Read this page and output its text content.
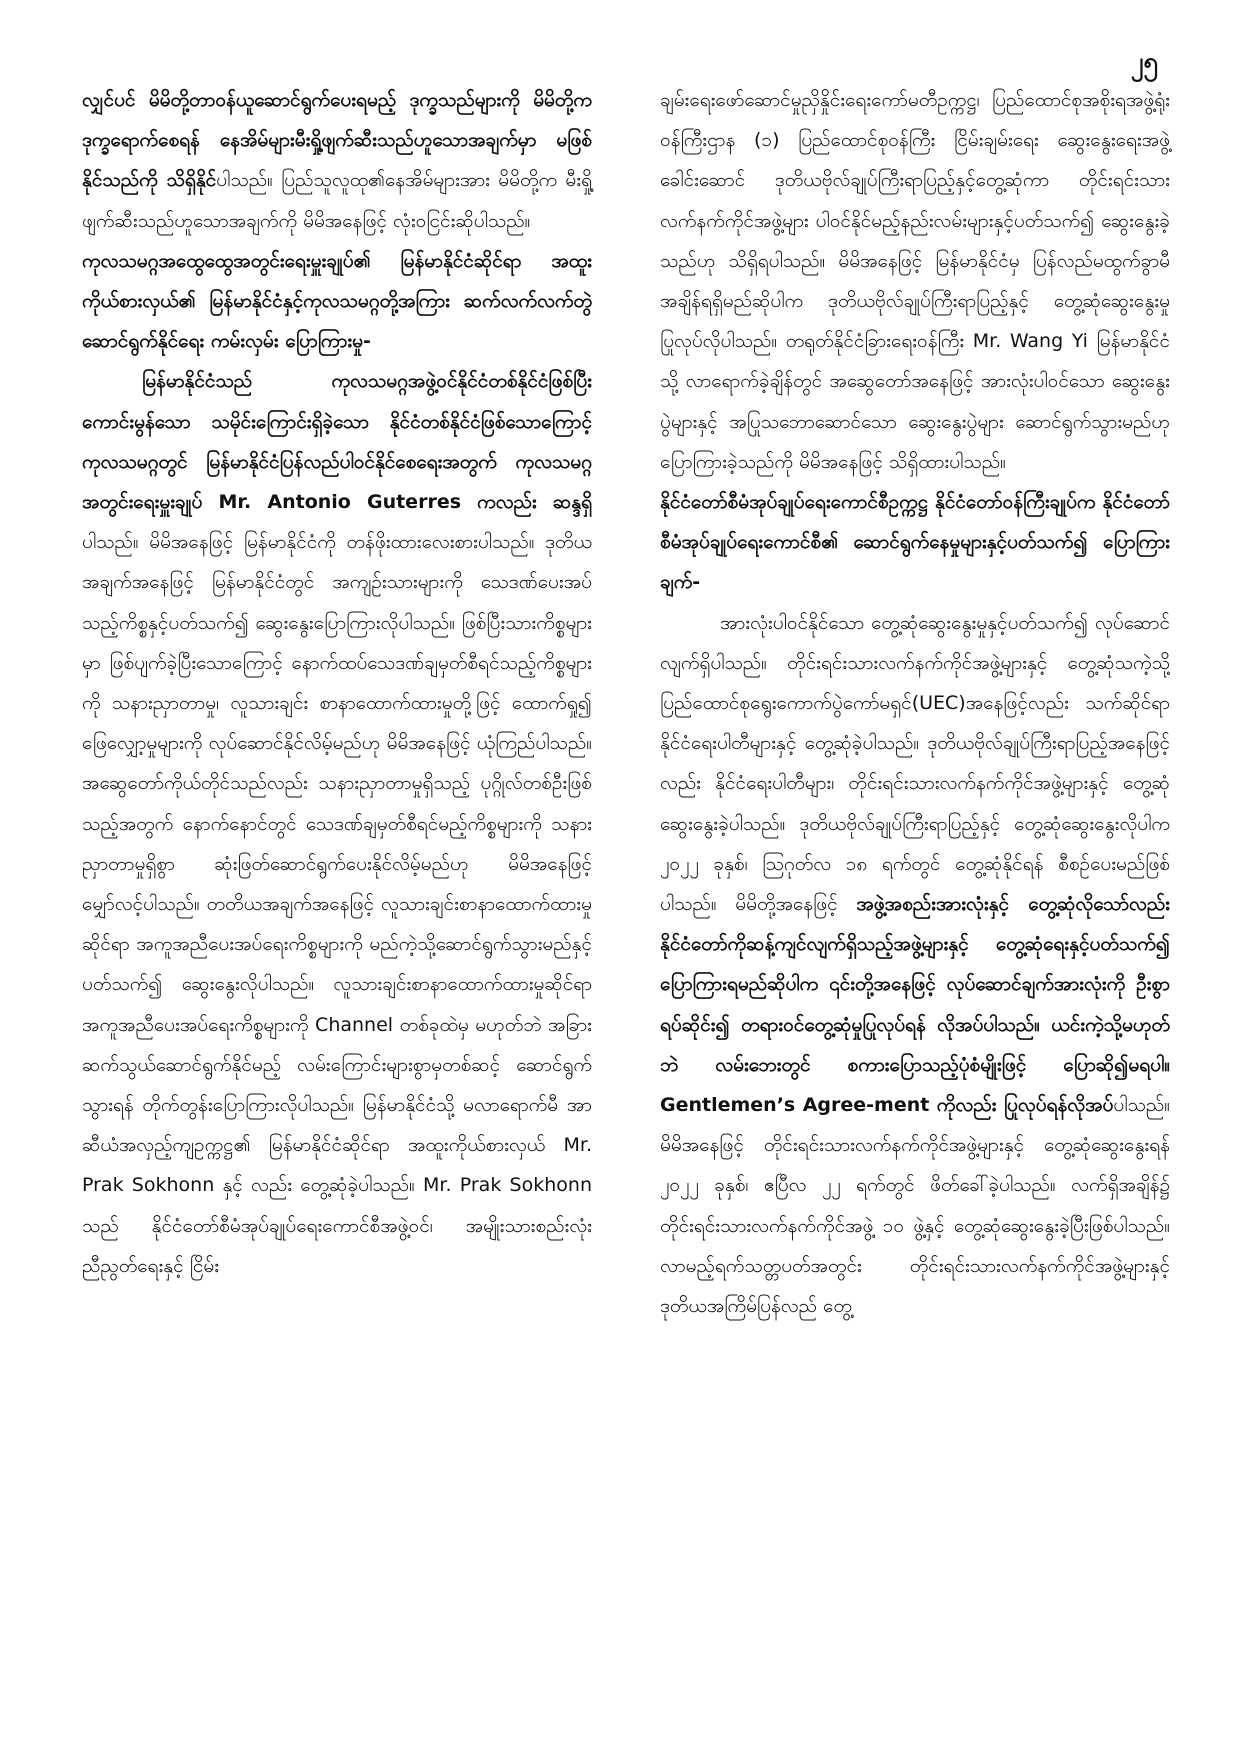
၂၅

လျှင်ပင် မိမိတို့တာဝန်ယူဆောင်ရွက်ပေးရမည့် ဒုက္ခသည်များကို မိမိတို့က ဒုက္ခရောက်စေရန် နေအိမ်များမီးရှို့ဖျက်ဆီးသည်ဟူသောအချက်မှာ မဖြစ်နိုင်သည်ကို သိရှိနိုင်ပါသည်။ ပြည်သူလူထု၏နေအိမ်များအား မိမိတို့က မီးရှို့ဖျက်ဆီးသည်ဟူသောအချက်ကို မိမိအနေဖြင့် လုံးဝငြင်းဆိုပါသည်။

ကုလသမဂ္ဂအထွေထွေအတွင်းရေးမှူးချုပ်၏ မြန်မာနိုင်ငံဆိုင်ရာ အထူးကိုယ်စားလှယ်၏ မြန်မာနိုင်ငံနှင့်ကုလသမဂ္ဂတို့အကြား ဆက်လက်လက်တွဲဆောင်ရွက်နိုင်ရေး ကမ်းလှမ်း ပြောကြားမှု-

မြန်မာနိုင်ငံသည် ကုလသမဂ္ဂအဖွဲ့ဝင်နိုင်ငံတစ်နိုင်ငံဖြစ်ပြီး ကောင်းမွန်သော သမိုင်းကြောင်းရှိခဲ့သော နိုင်ငံတစ်နိုင်ငံဖြစ်သောကြောင့် ကုလသမဂ္ဂတွင် မြန်မာနိုင်ငံပြန်လည်ပါဝင်နိုင်စေရေးအတွက် ကုလသမဂ္ဂအတွင်းရေးမှူးချုပ် Mr. Antonio Guterres ကလည်း ဆန္ဒရှိပါသည်။ မိမိအနေဖြင့် မြန်မာနိုင်ငံကို တန်ဖိုးထားလေးစားပါသည်။ ဒုတိယအချက်အနေဖြင့် မြန်မာနိုင်ငံတွင် အကျဉ်းသားများကို သေဒဏ်ပေးအပ်သည့်ကိစ္စနှင့်ပတ်သက်၍ ဆွေးနွေးပြောကြားလိုပါသည်။ ဖြစ်ပြီးသားကိစ္စများမှာ ဖြစ်ပျက်ခဲ့ပြီးသောကြောင့် နောက်ထပ်သေဒဏ်ချမှတ်စီရင်သည့်ကိစ္စများကို သနားညှာတာမှု၊ လူသားချင်း စာနာထောက်ထားမှုတို့ဖြင့် ထောက်ရှု၍ ဖြေလျှော့မှုများကို လုပ်ဆောင်နိုင်လိမ့်မည်ဟု မိမိအနေဖြင့် ယုံကြည်ပါသည်။ အဆွေတော်ကိုယ်တိုင်သည်လည်း သနားညှာတာမှုရှိသည့် ပုဂ္ဂိုလ်တစ်ဦးဖြစ်သည့်အတွက် နောက်နောင်တွင် သေဒဏ်ချမှတ်စီရင်မည့်ကိစ္စများကို သနားညှာတာမှုရှိစွာ ဆုံးဖြတ်ဆောင်ရွက်ပေးနိုင်လိမ့်မည်ဟု မိမိအနေဖြင့် မျှော်လင့်ပါသည်။ တတိယအချက်အနေဖြင့် လူသားချင်းစာနာထောက်ထားမှုဆိုင်ရာ အကူအညီပေးအပ်ရေးကိစ္စများကို မည်ကဲ့သို့ဆောင်ရွက်သွားမည်နှင့်ပတ်သက်၍ ဆွေးနွေးလိုပါသည်။ လူသားချင်းစာနာထောက်ထားမှုဆိုင်ရာ အကူအညီပေးအပ်ရေးကိစ္စများကို Channel တစ်ခုထဲမှ မဟုတ်ဘဲ အခြားဆက်သွယ်ဆောင်ရွက်နိုင်မည့် လမ်းကြောင်းများစွာမှတစ်ဆင့် ဆောင်ရွက်သွားရန် တိုက်တွန်းပြောကြားလိုပါသည်။ မြန်မာနိုင်ငံသို့ မလာရောက်မီ အာဆီယံအလှည့်ကျဥက္ကဋ္ဌ၏ မြန်မာနိုင်ငံဆိုင်ရာ အထူးကိုယ်စားလှယ် Mr. Prak Sokhonn နှင့် လည်း တွေ့ဆုံခဲ့ပါသည်။ Mr. Prak Sokhonn သည် နိုင်ငံတော်စီမံအုပ်ချုပ်ရေးကောင်စီအဖွဲ့ဝင်၊ အမျိုးသားစည်းလုံးညီညွတ်ရေးနှင့် ငြိမ်း

ချမ်းရေးဖော်ဆောင်မှုညှိနှိုင်းရေးကော်မတီဥက္ကဋ္ဌ၊ ပြည်ထောင်စုအစိုးရအဖွဲ့ရုံးဝန်ကြီးဌာန (၁) ပြည်ထောင်စုဝန်ကြီး ငြိမ်းချမ်းရေး ဆွေးနွေးရေးအဖွဲ့ခေါင်းဆောင် ဒုတိယဗိုလ်ချုပ်ကြီးရာပြည့်နှင့်တွေ့ဆုံကာ တိုင်းရင်းသားလက်နက်ကိုင်အဖွဲ့များ ပါဝင်နိုင်မည့်နည်းလမ်းများနှင့်ပတ်သက်၍ ဆွေးနွေးခဲ့သည်ဟု သိရှိရပါသည်။ မိမိအနေဖြင့် မြန်မာနိုင်ငံမှ ပြန်လည်မထွက်ခွာမီအချိန်ရရှိမည်ဆိုပါက ဒုတိယဗိုလ်ချုပ်ကြီးရာပြည့်နှင့် တွေ့ဆုံဆွေးနွေးမှု ပြုလုပ်လိုပါသည်။ တရုတ်နိုင်ငံခြားရေးဝန်ကြီး Mr. Wang Yi မြန်မာနိုင်ငံသို့ လာရောက်ခဲ့ချိန်တွင် အဆွေတော်အနေဖြင့် အားလုံးပါဝင်သော ဆွေးနွေးပွဲများနှင့် အပြုသဘောဆောင်သော ဆွေးနွေးပွဲများ ဆောင်ရွက်သွားမည်ဟု ပြောကြားခဲ့သည်ကို မိမိအနေဖြင့် သိရှိထားပါသည်။

နိုင်ငံတော်စီမံအုပ်ချုပ်ရေးကောင်စီဥက္ကဋ္ဌ နိုင်ငံတော်ဝန်ကြီးချုပ်က နိုင်ငံတော်စီမံအုပ်ချုပ်ရေးကောင်စီ၏ ဆောင်ရွက်နေမှုများနှင့်ပတ်သက်၍ ပြောကြားချက်-

အားလုံးပါဝင်နိုင်သော တွေ့ဆုံဆွေးနွေးမှုနှင့်ပတ်သက်၍ လုပ်ဆောင်လျက်ရှိပါသည်။ တိုင်းရင်းသားလက်နက်ကိုင်အဖွဲ့များနှင့် တွေ့ဆုံသကဲ့သို့ ပြည်ထောင်စုရွေးကောက်ပွဲကော်မရှင်(UEC)အနေဖြင့်လည်း သက်ဆိုင်ရာနိုင်ငံရေးပါတီများနှင့် တွေ့ဆုံခဲ့ပါသည်။ ဒုတိယဗိုလ်ချုပ်ကြီးရာပြည့်အနေဖြင့်လည်း နိုင်ငံရေးပါတီများ၊ တိုင်းရင်းသားလက်နက်ကိုင်အဖွဲ့များနှင့် တွေ့ဆုံဆွေးနွေးခဲ့ပါသည်။ ဒုတိယဗိုလ်ချုပ်ကြီးရာပြည့်နှင့် တွေ့ဆုံဆွေးနွေးလိုပါက ၂၀၂၂ ခုနှစ်၊ ဩဂုတ်လ ၁၈ ရက်တွင် တွေ့ဆုံနိုင်ရန် စီစဉ်ပေးမည်ဖြစ်ပါသည်။ မိမိတို့အနေဖြင့် အဖွဲ့အစည်းအားလုံးနှင့် တွေ့ဆုံလိုသော်လည်း နိုင်ငံတော်ကိုဆန့်ကျင်လျက်ရှိသည့်အဖွဲ့များနှင့် တွေ့ဆုံရေးနှင့်ပတ်သက်၍ ပြောကြားရမည်ဆိုပါက ၎င်းတို့အနေဖြင့် လုပ်ဆောင်ချက်အားလုံးကို ဦးစွာရပ်ဆိုင်း၍ တရားဝင်တွေ့ဆုံမှုပြုလုပ်ရန် လိုအပ်ပါသည်။ ယင်းကဲ့သို့မဟုတ်ဘဲ လမ်းဘေးတွင် စကားပြောသည့်ပုံစံမျိုးဖြင့် ပြောဆို၍မရပါ။ Gentlemen’s Agree-ment ကိုလည်း ပြုလုပ်ရန်လိုအပ်ပါသည်။ မိမိအနေဖြင့် တိုင်းရင်းသားလက်နက်ကိုင်အဖွဲ့များနှင့် တွေ့ဆုံဆွေးနွေးရန် ၂၀၂၂ ခုနှစ်၊ ဧပြီလ ၂၂ ရက်တွင် ဖိတ်ခေါ်ခဲ့ပါသည်။ လက်ရှိအချိန်၌ တိုင်းရင်းသားလက်နက်ကိုင်အဖွဲ့ ၁၀ ဖွဲ့နှင့် တွေ့ဆုံဆွေးနွေးခဲ့ပြီးဖြစ်ပါသည်။ လာမည့်ရက်သတ္တပတ်အတွင်း တိုင်းရင်းသားလက်နက်ကိုင်အဖွဲ့များနှင့် ဒုတိယအကြိမ်ပြန်လည် တွေ့
